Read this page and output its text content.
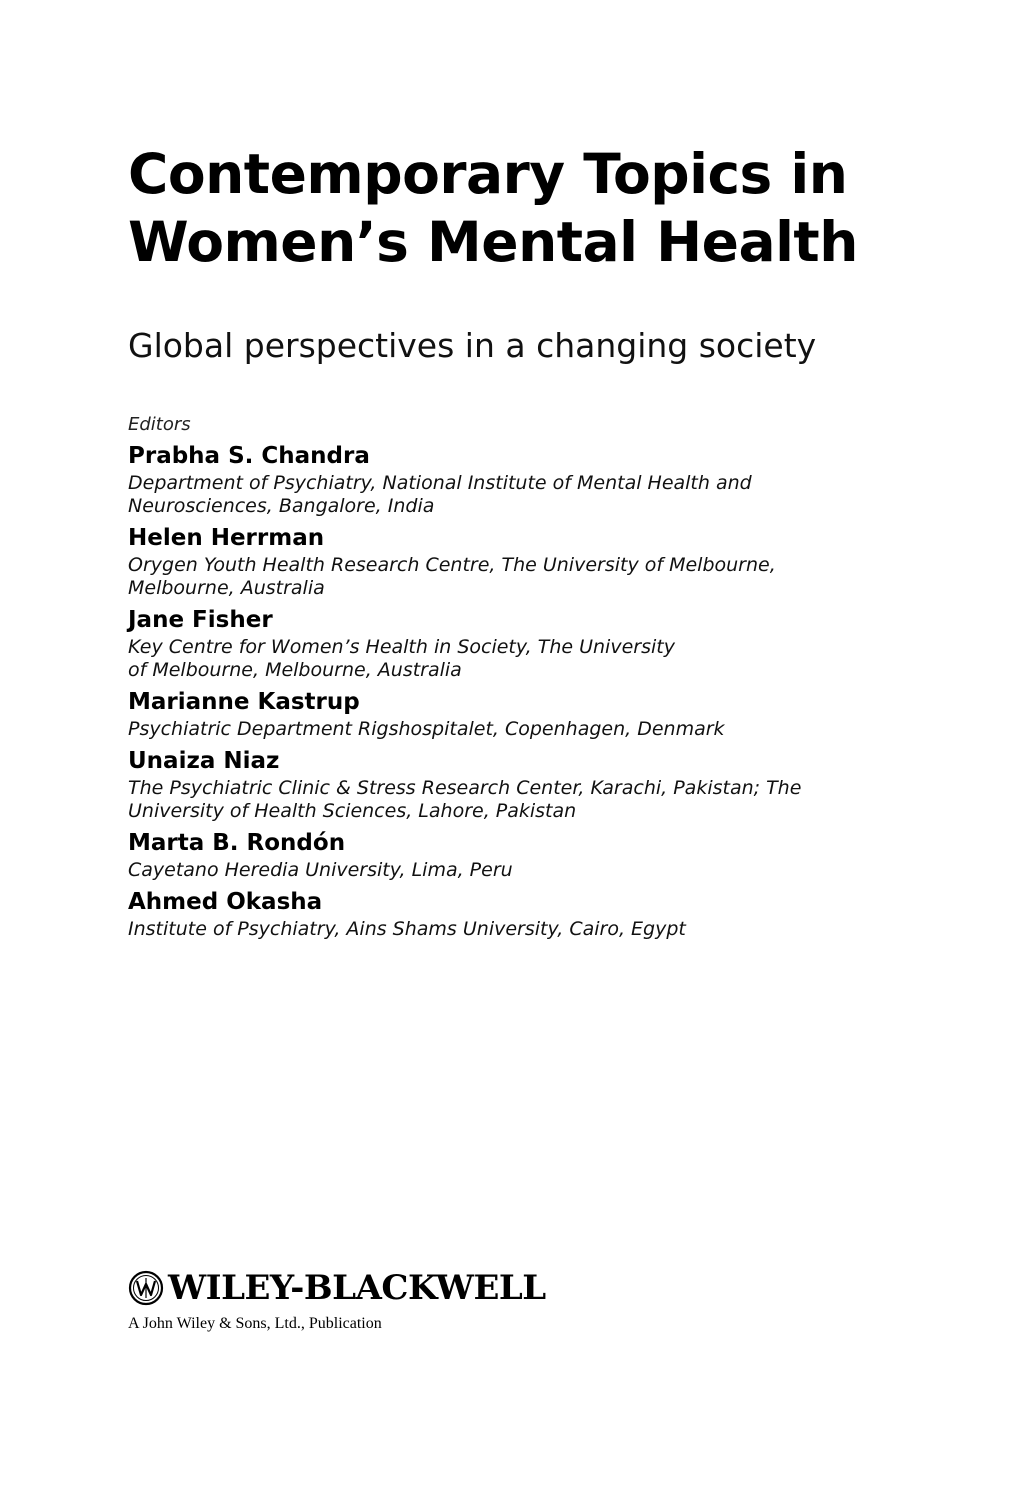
Contemporary Topics in
Women’s Mental Health

Global perspectives in a changing society

Editors

Prabha S. Chandra

Department of Psychiatry, National Institute of Mental Health and

Neurosciences, Bangalore, India

Helen Herrman

Orygen Youth Health Research Centre, The University of Melbourne,

Melbourne, Australia

Jane Fisher

Key Centre for Women’s Health in Society, The University

of Melbourne, Melbourne, Australia

Marianne Kastrup

Psychiatric Department Rigshospitalet, Copenhagen, Denmark

Unaiza Niaz

The Psychiatric Clinic & Stress Research Center, Karachi, Pakistan; The

University of Health Sciences, Lahore, Pakistan

Marta B. Rondón

Cayetano Heredia University, Lima, Peru

Ahmed Okasha

Institute of Psychiatry, Ains Shams University, Cairo, Egypt

WILEY-BLACKWELL
A John Wiley & Sons, Ltd., Publication
